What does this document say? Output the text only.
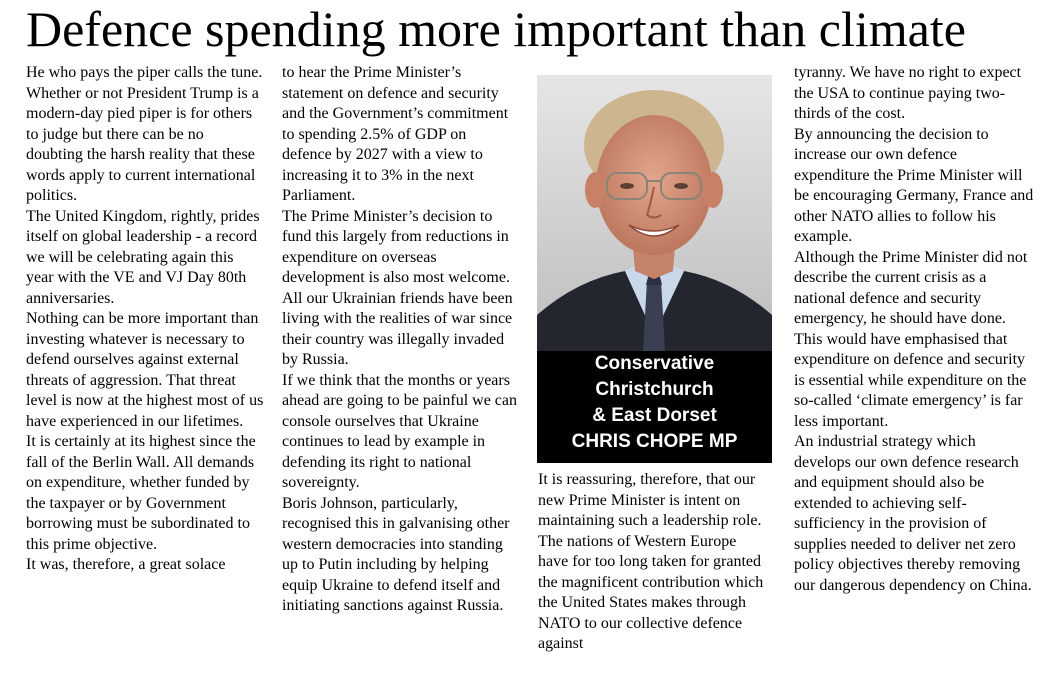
Defence spending more important than climate

He who pays the piper calls the tune.

Whether or not President Trump is a modern-day pied piper is for others to judge but there can be no doubting the harsh reality that these words apply to current international politics.

The United Kingdom, rightly, prides itself on global leadership - a record we will be celebrating again this year with the VE and VJ Day 80th anniversaries.

Nothing can be more important than investing whatever is necessary to defend ourselves against external threats of aggression. That threat level is now at the highest most of us have experienced in our lifetimes.

It is certainly at its highest since the fall of the Berlin Wall. All demands on expenditure, whether funded by the taxpayer or by Government borrowing must be subordinated to this prime objective.

It was, therefore, a great solace

to hear the Prime Minister’s statement on defence and security and the Government’s commitment to spending 2.5% of GDP on defence by 2027 with a view to increasing it to 3% in the next Parliament.

The Prime Minister’s decision to fund this largely from reductions in expenditure on overseas development is also most welcome.

All our Ukrainian friends have been living with the realities of war since their country was illegally invaded by Russia.

If we think that the months or years ahead are going to be painful we can console ourselves that Ukraine continues to lead by example in defending its right to national sovereignty.

Boris Johnson, particularly, recognised this in galvanising other western democracies into standing up to Putin including by helping equip Ukraine to defend itself and initiating sanctions against Russia.

Conservative
Christchurch
& East Dorset
CHRIS CHOPE MP

It is reassuring, therefore, that our new Prime Minister is intent on maintaining such a leadership role.

The nations of Western Europe have for too long taken for granted the magnificent contribution which the United States makes through NATO to our collective defence against

tyranny. We have no right to expect the USA to continue paying two-thirds of the cost.

By announcing the decision to increase our own defence expenditure the Prime Minister will be encouraging Germany, France and other NATO allies to follow his example.

Although the Prime Minister did not describe the current crisis as a national defence and security emergency, he should have done.

This would have emphasised that expenditure on defence and security is essential while expenditure on the so-called ‘climate emergency’ is far less important.

An industrial strategy which develops our own defence research and equipment should also be extended to achieving self-sufficiency in the provision of supplies needed to deliver net zero policy objectives thereby removing our dangerous dependency on China.
